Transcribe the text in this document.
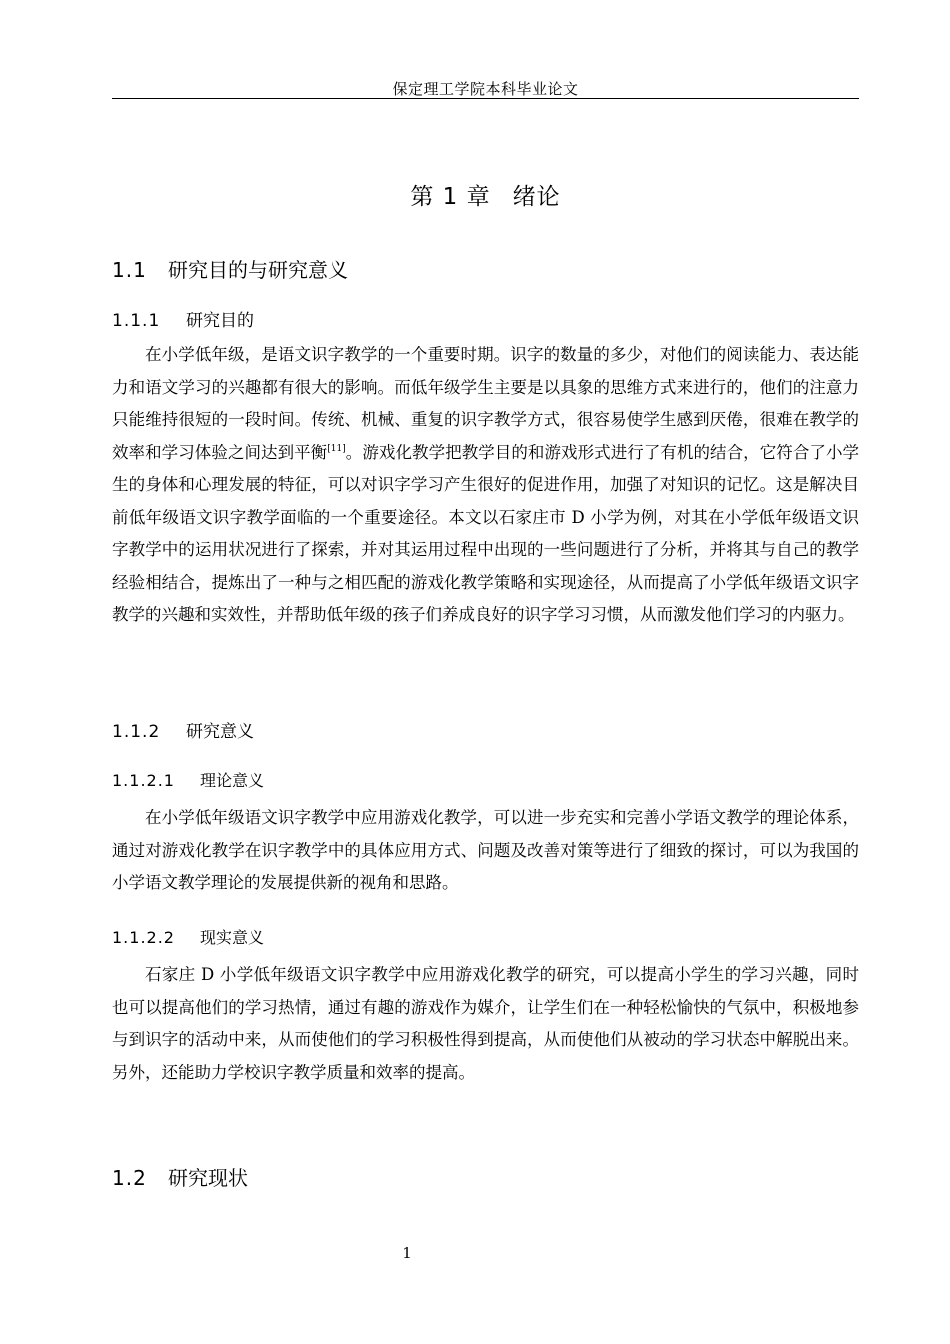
保定理工学院本科毕业论文
第 1 章 绪论
1.1 研究目的与研究意义
1.1.1 研究目的

在小学低年级，是语文识字教学的一个重要时期。识字的数量的多少，对他们的阅读能力、表达能力和语文学习的兴趣都有很大的影响。而低年级学生主要是以具象的思维方式来进行的，他们的注意力只能维持很短的一段时间。传统、机械、重复的识字教学方式，很容易使学生感到厌倦，很难在教学的效率和学习体验之间达到平衡[11]。游戏化教学把教学目的和游戏形式进行了有机的结合，它符合了小学生的身体和心理发展的特征，可以对识字学习产生很好的促进作用，加强了对知识的记忆。这是解决目前低年级语文识字教学面临的一个重要途径。本文以石家庄市 D 小学为例，对其在小学低年级语文识字教学中的运用状况进行了探索，并对其运用过程中出现的一些问题进行了分析，并将其与自己的教学经验相结合，提炼出了一种与之相匹配的游戏化教学策略和实现途径，从而提高了小学低年级语文识字教学的兴趣和实效性，并帮助低年级的孩子们养成良好的识字学习习惯，从而激发他们学习的内驱力。

1.1.2 研究意义
1.1.2.1 理论意义

在小学低年级语文识字教学中应用游戏化教学，可以进一步充实和完善小学语文教学的理论体系，通过对游戏化教学在识字教学中的具体应用方式、问题及改善对策等进行了细致的探讨，可以为我国的小学语文教学理论的发展提供新的视角和思路。

1.1.2.2 现实意义

石家庄 D 小学低年级语文识字教学中应用游戏化教学的研究，可以提高小学生的学习兴趣，同时也可以提高他们的学习热情，通过有趣的游戏作为媒介，让学生们在一种轻松愉快的气氛中，积极地参与到识字的活动中来，从而使他们的学习积极性得到提高，从而使他们从被动的学习状态中解脱出来。另外，还能助力学校识字教学质量和效率的提高。

1.2 研究现状
1
